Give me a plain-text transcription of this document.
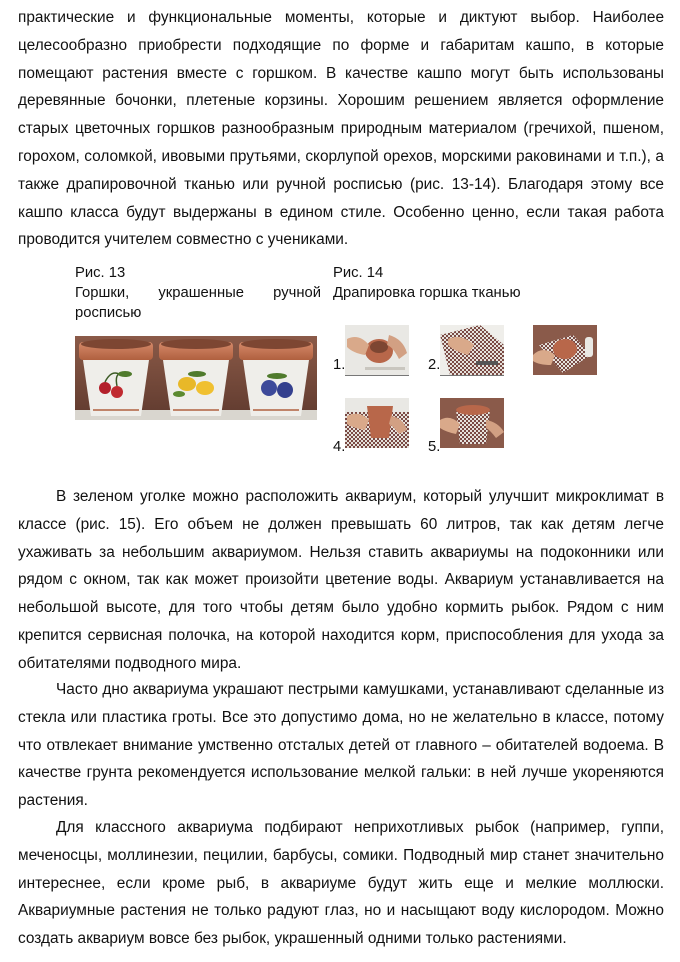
практические и функциональные моменты, которые и диктуют выбор. Наиболее целесообразно приобрести подходящие по форме и габаритам кашпо, в которые помещают растения вместе с горшком. В качестве кашпо могут быть использованы деревянные бочонки, плетеные корзины. Хорошим решением является оформление старых цветочных горшков разнообразным природным материалом (гречихой, пшеном, горохом, соломкой, ивовыми прутьями, скорлупой орехов, морскими раковинами и т.п.), а также драпировочной тканью или ручной росписью (рис. 13-14). Благодаря этому все кашпо класса будут выдержаны в едином стиле. Особенно ценно, если такая работа проводится учителем совместно с учениками.

Рис. 13
Горшки, украшенные ручной
росписью
Рис. 14
Драпировка горшка тканью
1.	2.
4.	5.

В зеленом уголке можно расположить аквариум, который улучшит микроклимат в классе (рис. 15). Его объем не должен превышать 60 литров, так как детям легче ухаживать за небольшим аквариумом. Нельзя ставить аквариумы на подоконники или рядом с окном, так как может произойти цветение воды. Аквариум устанавливается на небольшой высоте, для того чтобы детям было удобно кормить рыбок. Рядом с ним крепится сервисная полочка, на которой находится корм, приспособления для ухода за обитателями подводного мира.

Часто дно аквариума украшают пестрыми камушками, устанавливают сделанные из стекла или пластика гроты. Все это допустимо дома, но не желательно в классе, потому что отвлекает внимание умственно отсталых детей от главного – обитателей водоема. В качестве грунта рекомендуется использование мелкой гальки: в ней лучше укореняются растения.

Для классного аквариума подбирают неприхотливых рыбок (например, гуппи, меченосцы, моллинезии, пецилии, барбусы, сомики. Подводный мир станет значительно интереснее, если кроме рыб, в аквариуме будут жить еще и мелкие моллюски. Аквариумные растения не только радуют глаз, но и насыщают воду кислородом. Можно создать аквариум вовсе без рыбок, украшенный одними только растениями.
